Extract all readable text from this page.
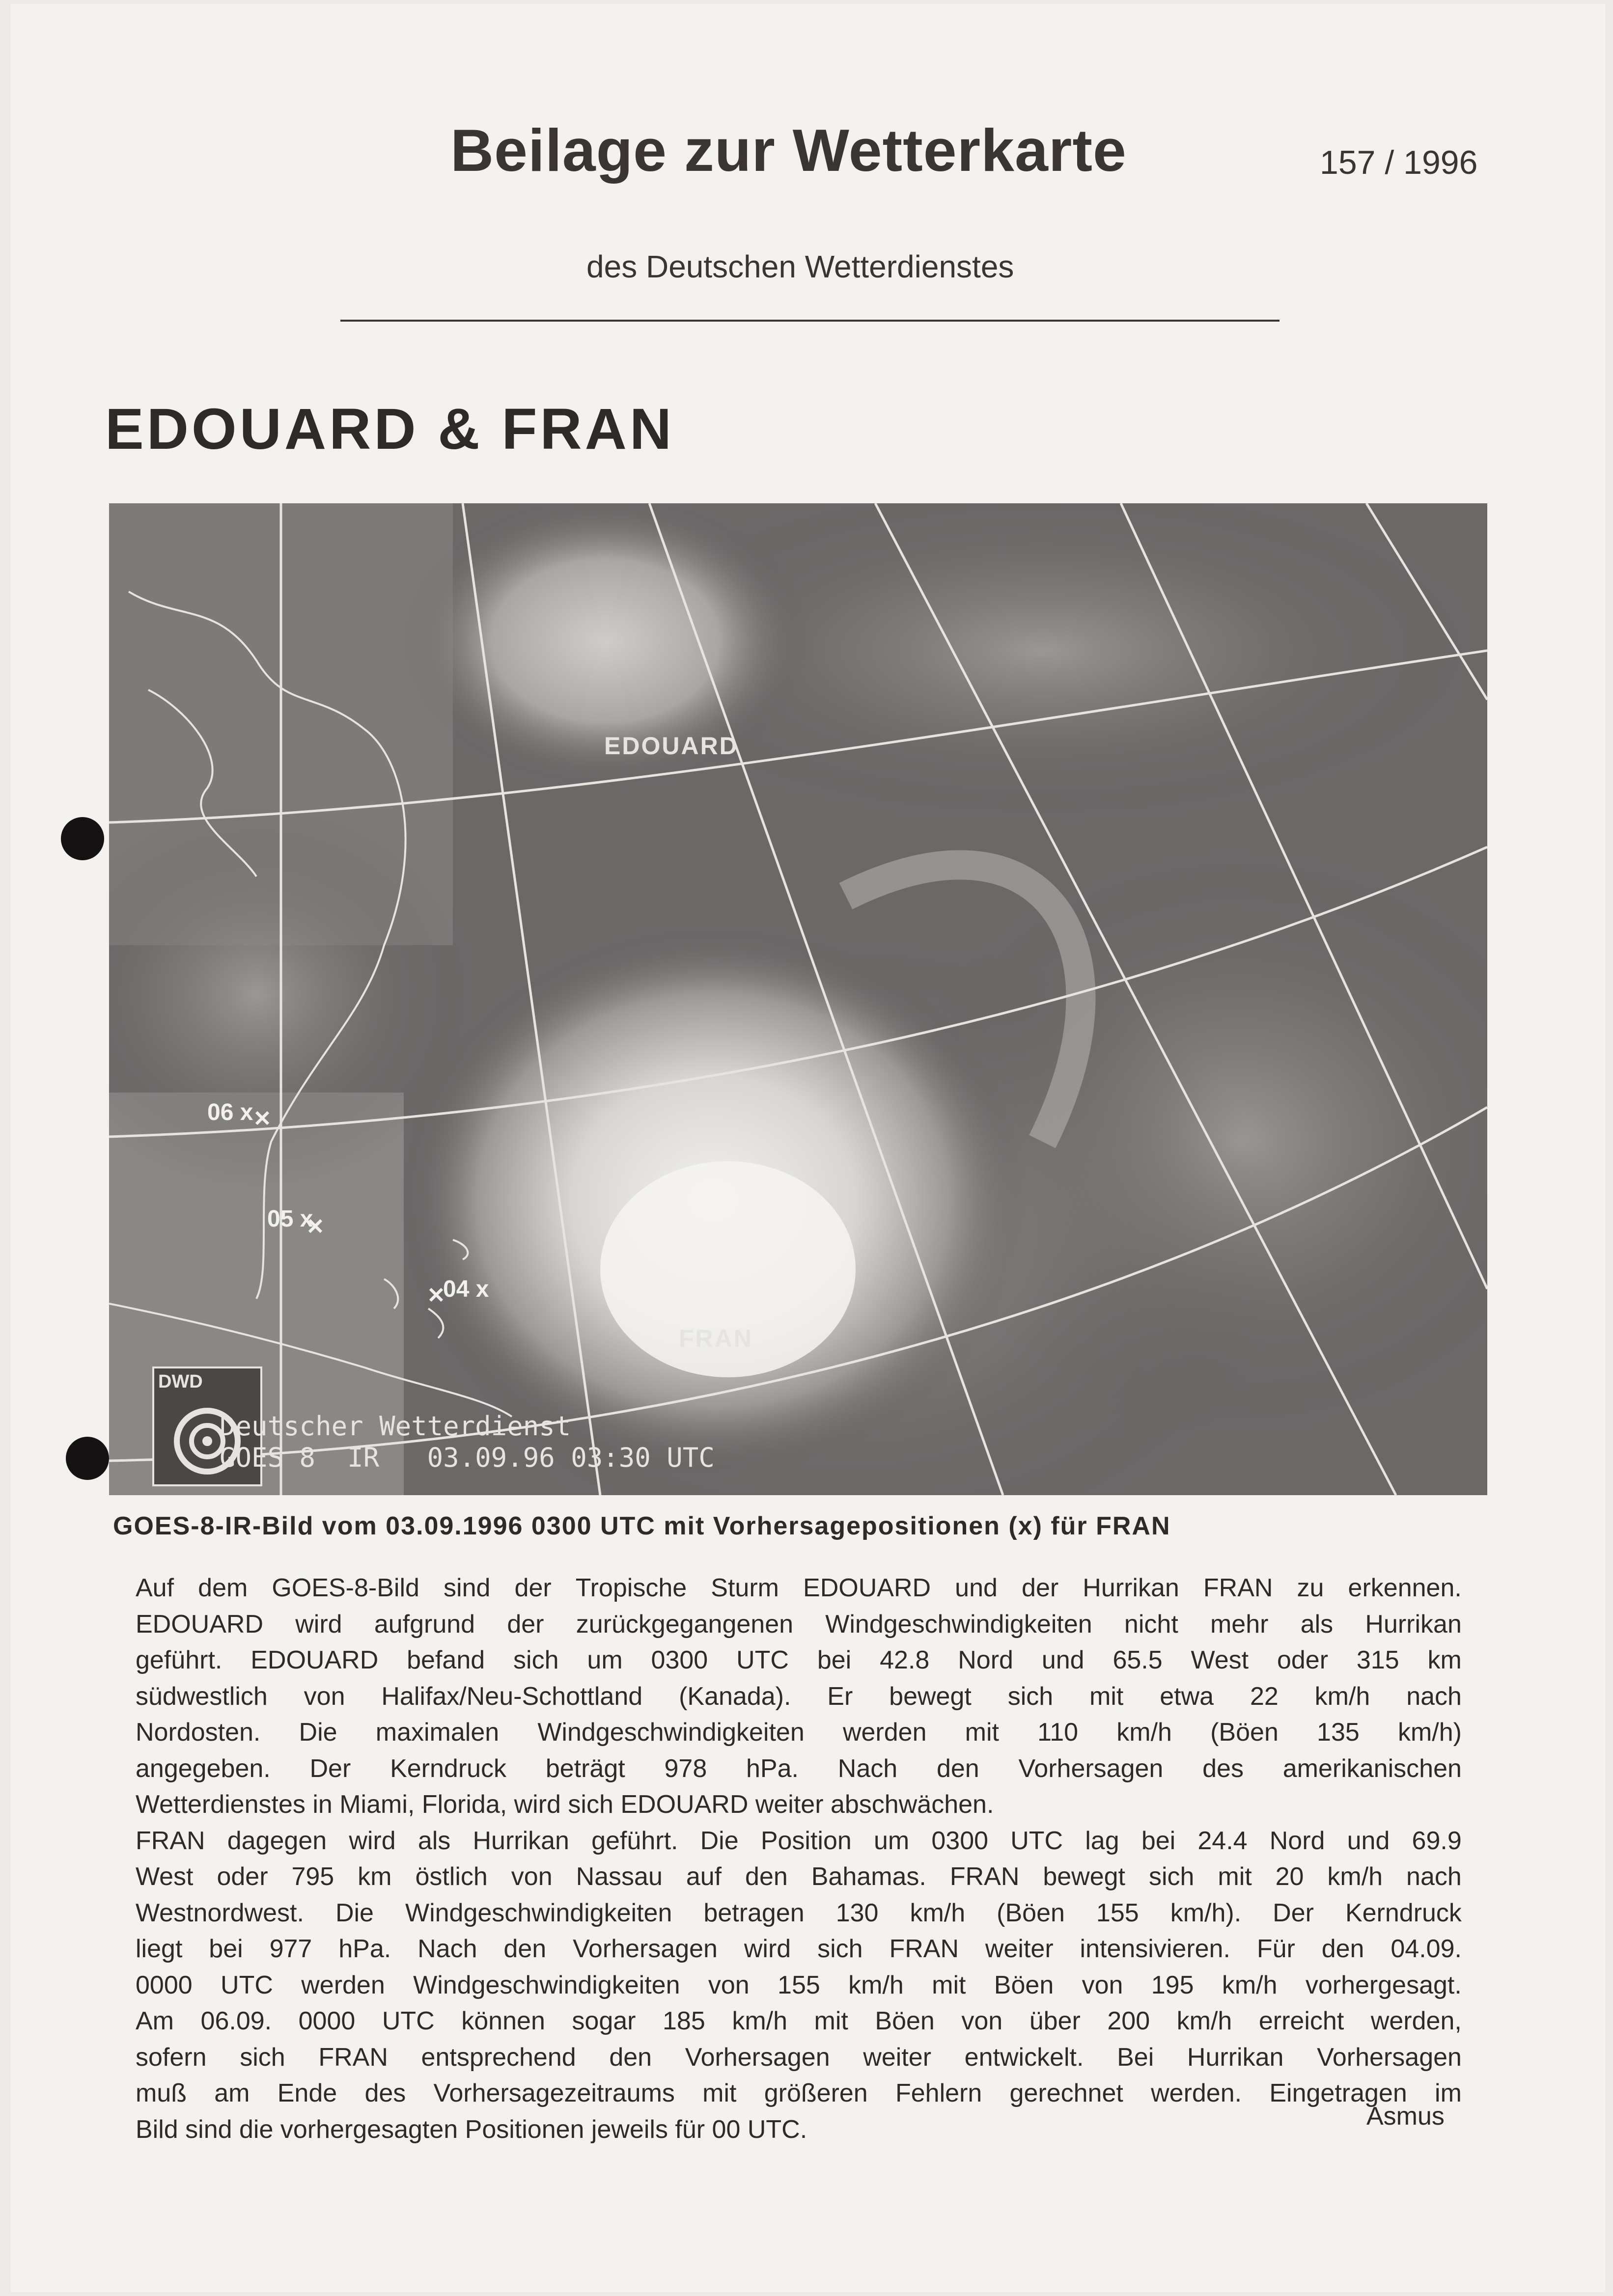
Beilage zur Wetterkarte	157 / 1996
des Deutschen Wetterdienstes
EDOUARD & FRAN
EDOUARD
FRAN
06 x
05 x
04 x
DWD
Deutscher Wetterdienst
GOES 8  IR   03.09.96 03:30 UTC
GOES-8-IR-Bild vom 03.09.1996 0300 UTC mit Vorhersagepositionen (x) für FRAN
Auf dem GOES-8-Bild sind der Tropische Sturm EDOUARD und der Hurrikan FRAN zu erkennen.
EDOUARD wird aufgrund der zurückgegangenen Windgeschwindigkeiten nicht mehr als Hurrikan
geführt. EDOUARD befand sich um 0300 UTC bei 42.8 Nord und 65.5 West oder 315 km
südwestlich von Halifax/Neu-Schottland (Kanada). Er bewegt sich mit etwa 22 km/h nach
Nordosten. Die maximalen Windgeschwindigkeiten werden mit 110 km/h (Böen 135 km/h)
angegeben. Der Kerndruck beträgt 978 hPa. Nach den Vorhersagen des amerikanischen
Wetterdienstes in Miami, Florida, wird sich EDOUARD weiter abschwächen.
FRAN dagegen wird als Hurrikan geführt. Die Position um 0300 UTC lag bei 24.4 Nord und 69.9
West oder 795 km östlich von Nassau auf den Bahamas. FRAN bewegt sich mit 20 km/h nach
Westnordwest. Die Windgeschwindigkeiten betragen 130 km/h (Böen 155 km/h). Der Kerndruck
liegt bei 977 hPa. Nach den Vorhersagen wird sich FRAN weiter intensivieren. Für den 04.09.
0000 UTC werden Windgeschwindigkeiten von 155 km/h mit Böen von 195 km/h vorhergesagt.
Am 06.09. 0000 UTC können sogar 185 km/h mit Böen von über 200 km/h erreicht werden,
sofern sich FRAN entsprechend den Vorhersagen weiter entwickelt. Bei Hurrikan Vorhersagen
muß am Ende des Vorhersagezeitraums mit größeren Fehlern gerechnet werden. Eingetragen im
Bild sind die vorhergesagten Positionen jeweils für 00 UTC.	Asmus
